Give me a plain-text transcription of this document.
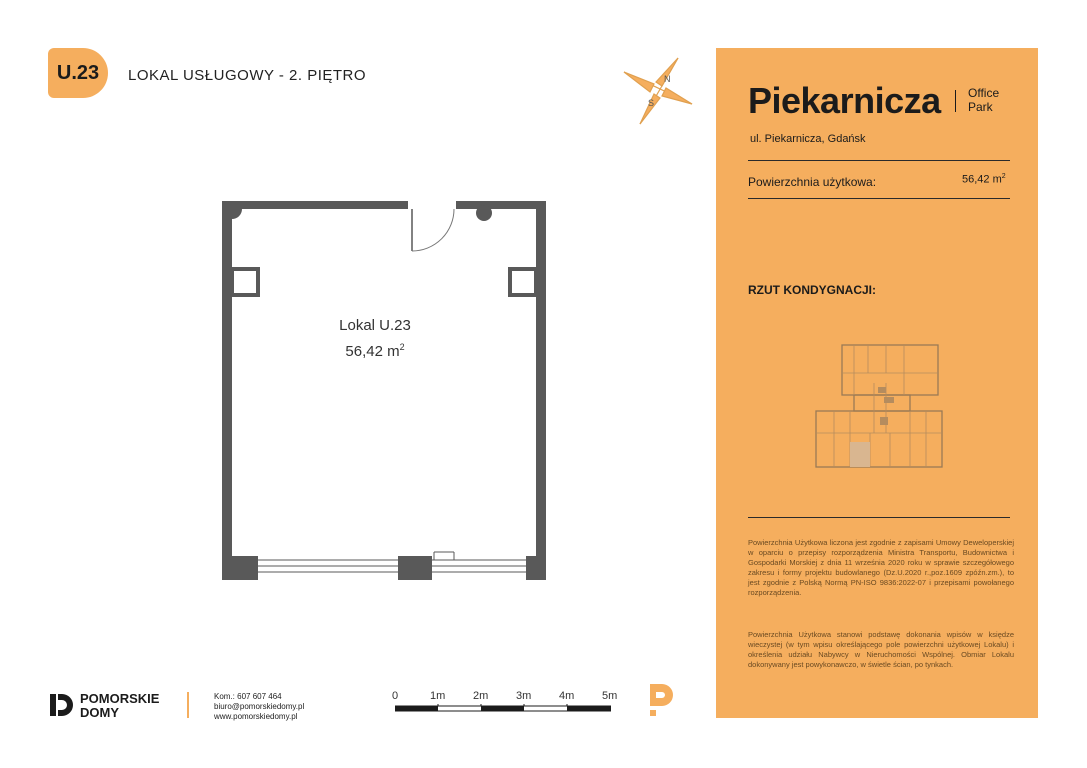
U.23 LOKAL USŁUGOWY - 2. PIĘTRO	N
S
Lokal U.23
56,42 $m^2$
Piekarnicza Office
Park
ul. Piekarnicza, Gdańsk
Powierzchnia użytkowa:	56,42 $m^2$
RZUT KONDYGNACJI:
Powierzchnia Użytkowa liczona jest zgodnie z zapisami Umowy Deweloperskiej w oparciu o przepisy rozporządzenia Ministra Transportu, Budownictwa i Gospodarki Morskiej z dnia 11 września 2020 roku w sprawie szczegółowego zakresu i formy projektu budowlanego (Dz.U.2020 r.,poz.1609 zpóźn.zm.), to jest zgodnie z Polską Normą PN-ISO 9836:2022-07 i przepisami powołanego rozporządzenia.
Powierzchnia Użytkowa stanowi podstawę dokonania wpisów w księdze wieczystej (w tym wpisu określającego pole powierzchni użytkowej Lokalu) i określenia udziału Nabywcy w Nieruchomości Wspólnej. Obmiar Lokalu dokonywany jest powykonawczo, w świetle ścian, po tynkach.
POMORSKIE
DOMY
Kom.: 607 607 464
biuro@pomorskiedomy.pl
www.pomorskiedomy.pl
0	1m	2m	3m	4m	5m
